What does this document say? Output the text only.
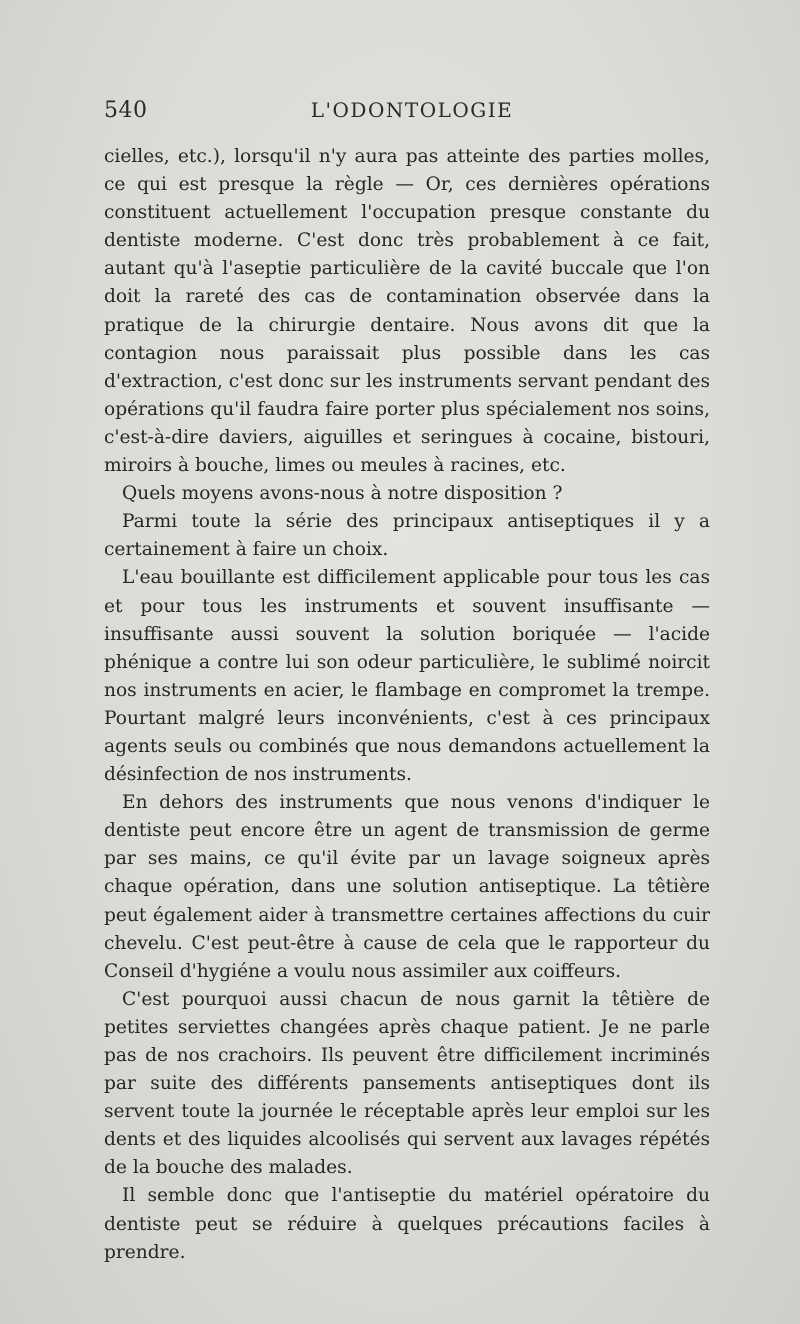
540	L'ODONTOLOGIE

cielles, etc.), lorsqu'il n'y aura pas atteinte des parties molles, ce qui est presque la règle — Or, ces dernières opérations constituent actuellement l'occupation presque constante du dentiste moderne. C'est donc très probablement à ce fait, autant qu'à l'aseptie particulière de la cavité buccale que l'on doit la rareté des cas de contamination observée dans la pratique de la chirurgie dentaire. Nous avons dit que la contagion nous paraissait plus possible dans les cas d'extraction, c'est donc sur les instruments servant pendant des opérations qu'il faudra faire porter plus spécialement nos soins, c'est-à-dire daviers, aiguilles et seringues à cocaine, bistouri, miroirs à bouche, limes ou meules à racines, etc.

Quels moyens avons-nous à notre disposition ?

Parmi toute la série des principaux antiseptiques il y a certainement à faire un choix.

L'eau bouillante est difficilement applicable pour tous les cas et pour tous les instruments et souvent insuffisante — insuffisante aussi souvent la solution boriquée — l'acide phénique a contre lui son odeur particulière, le sublimé noircit nos instruments en acier, le flambage en compromet la trempe. Pourtant malgré leurs inconvénients, c'est à ces principaux agents seuls ou combinés que nous demandons actuellement la désinfection de nos instruments.

En dehors des instruments que nous venons d'indiquer le dentiste peut encore être un agent de transmission de germe par ses mains, ce qu'il évite par un lavage soigneux après chaque opération, dans une solution antiseptique. La têtière peut également aider à transmettre certaines affections du cuir chevelu. C'est peut-être à cause de cela que le rapporteur du Conseil d'hygiéne a voulu nous assimiler aux coiffeurs.

C'est pourquoi aussi chacun de nous garnit la têtière de petites serviettes changées après chaque patient. Je ne parle pas de nos crachoirs. Ils peuvent être difficilement incriminés par suite des différents pansements antiseptiques dont ils servent toute la journée le réceptable après leur emploi sur les dents et des liquides alcoolisés qui servent aux lavages répétés de la bouche des malades.

Il semble donc que l'antiseptie du matériel opératoire du dentiste peut se réduire à quelques précautions faciles à prendre.
